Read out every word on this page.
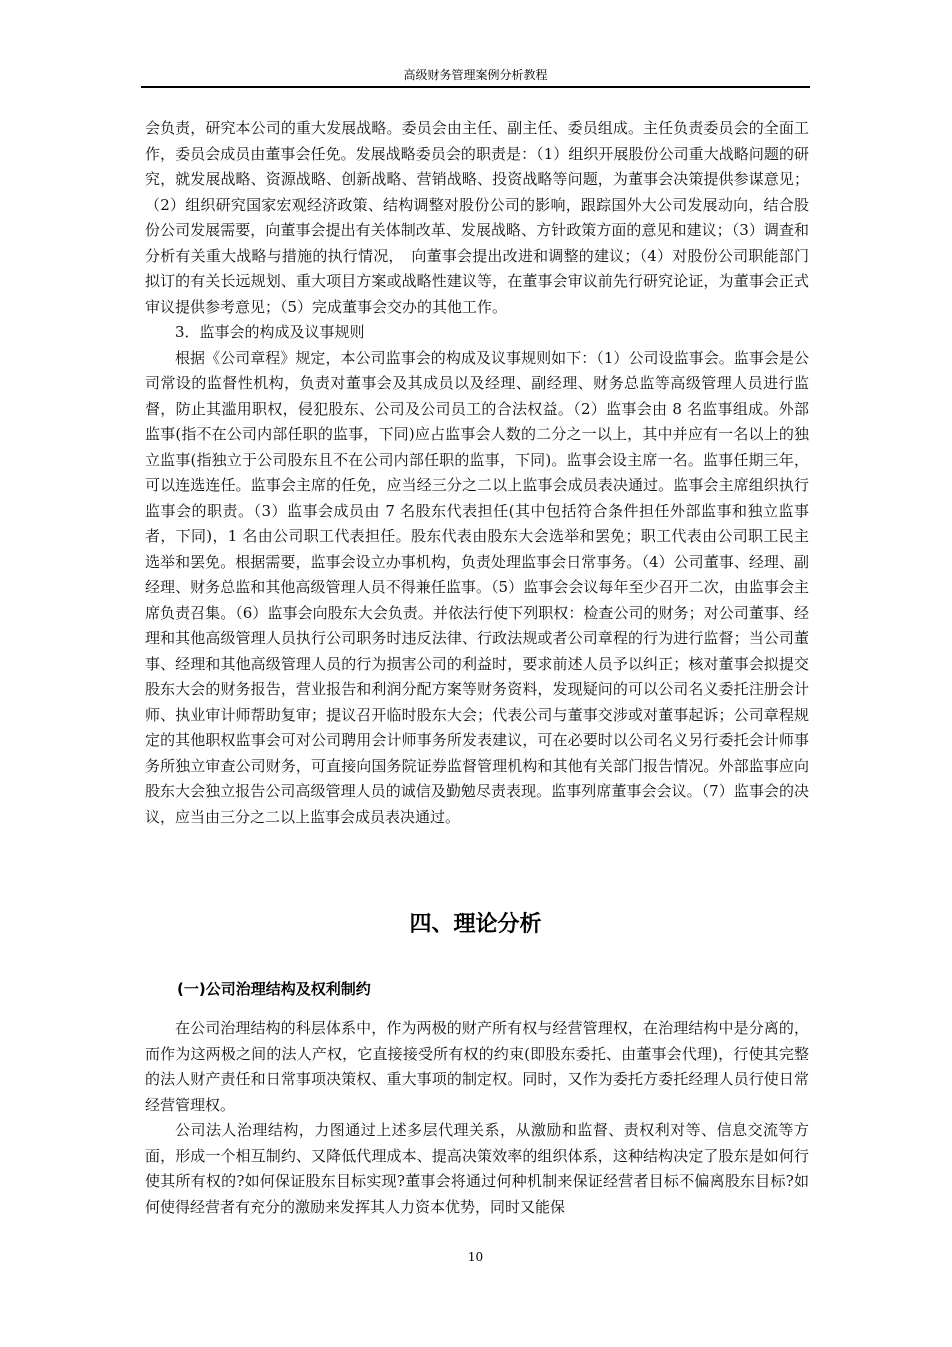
高级财务管理案例分析教程

会负责，研究本公司的重大发展战略。委员会由主任、副主任、委员组成。主任负责委员会的全面工作，委员会成员由董事会任免。发展战略委员会的职责是：（1）组织开展股份公司重大战略问题的研究，就发展战略、资源战略、创新战略、营销战略、投资战略等问题，为董事会决策提供参谋意见；（2）组织研究国家宏观经济政策、结构调整对股份公司的影响，跟踪国外大公司发展动向，结合股份公司发展需要，向董事会提出有关体制改革、发展战略、方针政策方面的意见和建议；（3）调查和分析有关重大战略与措施的执行情况，　向董事会提出改进和调整的建议；（4）对股份公司职能部门拟订的有关长远规划、重大项目方案或战略性建议等，在董事会审议前先行研究论证，为董事会正式审议提供参考意见；（5）完成董事会交办的其他工作。

3．监事会的构成及议事规则

根据《公司章程》规定，本公司监事会的构成及议事规则如下：（1）公司设监事会。监事会是公司常设的监督性机构，负责对董事会及其成员以及经理、副经理、财务总监等高级管理人员进行监督，防止其滥用职权，侵犯股东、公司及公司员工的合法权益。（2）监事会由 8 名监事组成。外部监事(指不在公司内部任职的监事，下同)应占监事会人数的二分之一以上，其中并应有一名以上的独立监事(指独立于公司股东且不在公司内部任职的监事，下同)。监事会设主席一名。监事任期三年，可以连选连任。监事会主席的任免，应当经三分之二以上监事会成员表决通过。监事会主席组织执行监事会的职责。（3）监事会成员由 7 名股东代表担任(其中包括符合条件担任外部监事和独立监事者，下同)，1 名由公司职工代表担任。股东代表由股东大会选举和罢免；职工代表由公司职工民主选举和罢免。根据需要，监事会设立办事机构，负责处理监事会日常事务。（4）公司董事、经理、副经理、财务总监和其他高级管理人员不得兼任监事。（5）监事会会议每年至少召开二次，由监事会主席负责召集。（6）监事会向股东大会负责。并依法行使下列职权：检查公司的财务；对公司董事、经理和其他高级管理人员执行公司职务时违反法律、行政法规或者公司章程的行为进行监督；当公司董事、经理和其他高级管理人员的行为损害公司的利益时，要求前述人员予以纠正；核对董事会拟提交股东大会的财务报告，营业报告和利润分配方案等财务资料，发现疑问的可以公司名义委托注册会计师、执业审计师帮助复审；提议召开临时股东大会；代表公司与董事交涉或对董事起诉；公司章程规定的其他职权监事会可对公司聘用会计师事务所发表建议，可在必要时以公司名义另行委托会计师事务所独立审查公司财务，可直接向国务院证券监督管理机构和其他有关部门报告情况。外部监事应向股东大会独立报告公司高级管理人员的诚信及勤勉尽责表现。监事列席董事会会议。（7）监事会的决议，应当由三分之二以上监事会成员表决通过。

四、理论分析
(一)公司治理结构及权利制约

在公司治理结构的科层体系中，作为两极的财产所有权与经营管理权，在治理结构中是分离的，而作为这两极之间的法人产权，它直接接受所有权的约束(即股东委托、由董事会代理)，行使其完整的法人财产责任和日常事项决策权、重大事项的制定权。同时，又作为委托方委托经理人员行使日常经营管理权。

公司法人治理结构，力图通过上述多层代理关系，从激励和监督、责权利对等、信息交流等方面，形成一个相互制约、又降低代理成本、提高决策效率的组织体系，这种结构决定了股东是如何行使其所有权的?如何保证股东目标实现?董事会将通过何种机制来保证经营者目标不偏离股东目标?如何使得经营者有充分的激励来发挥其人力资本优势，同时又能保

10
